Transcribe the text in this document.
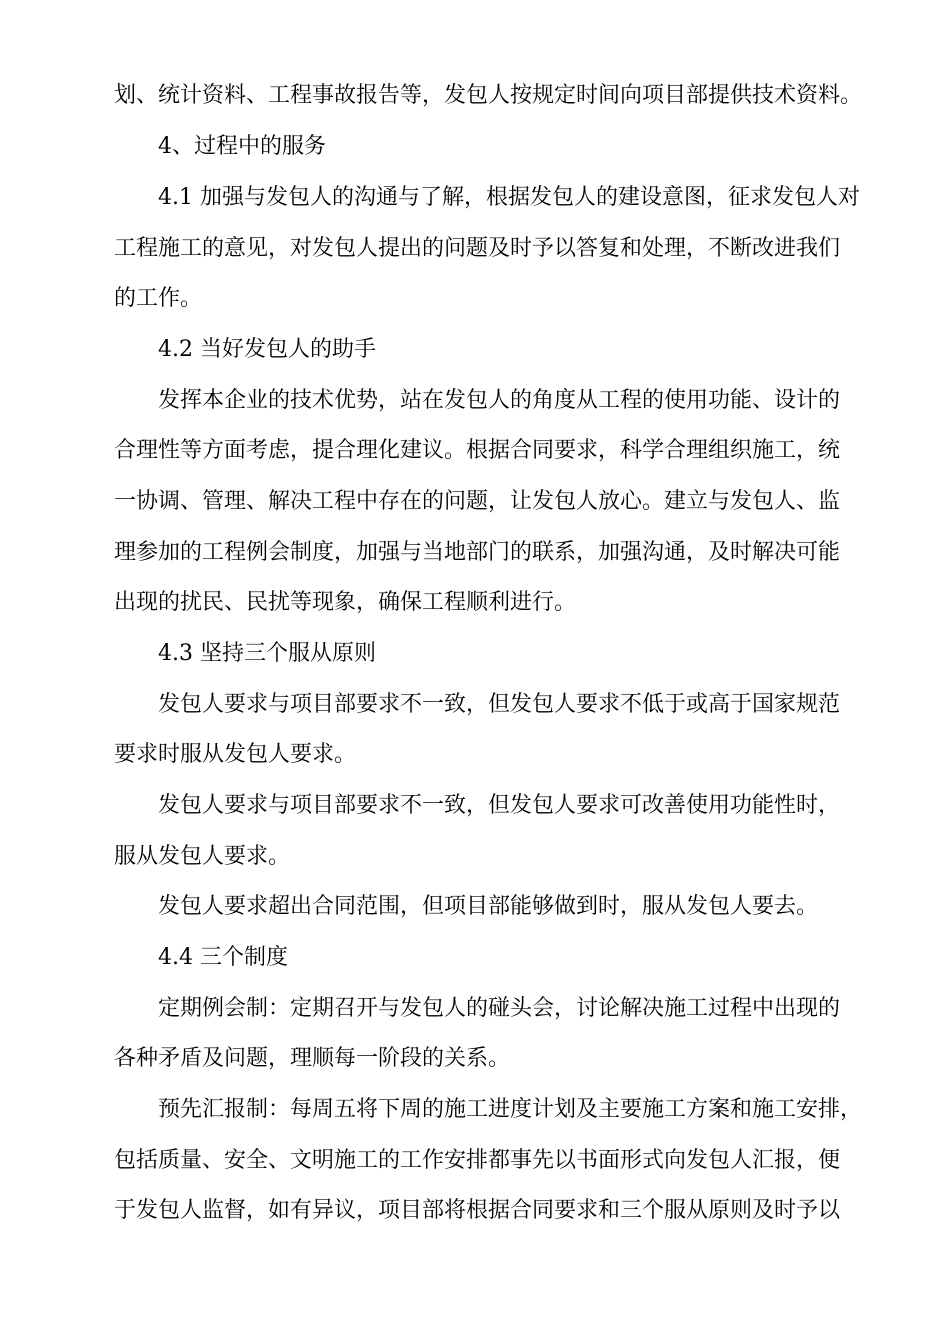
划、统计资料、工程事故报告等，发包人按规定时间向项目部提供技术资料。
4、过程中的服务
4.1 加强与发包人的沟通与了解，根据发包人的建设意图，征求发包人对
工程施工的意见，对发包人提出的问题及时予以答复和处理，不断改进我们
的工作。
4.2 当好发包人的助手
发挥本企业的技术优势，站在发包人的角度从工程的使用功能、设计的
合理性等方面考虑，提合理化建议。根据合同要求，科学合理组织施工，统
一协调、管理、解决工程中存在的问题，让发包人放心。建立与发包人、监
理参加的工程例会制度，加强与当地部门的联系，加强沟通，及时解决可能
出现的扰民、民扰等现象，确保工程顺利进行。
4.3 坚持三个服从原则
发包人要求与项目部要求不一致，但发包人要求不低于或高于国家规范
要求时服从发包人要求。
发包人要求与项目部要求不一致，但发包人要求可改善使用功能性时，
服从发包人要求。
发包人要求超出合同范围，但项目部能够做到时，服从发包人要去。
4.4 三个制度
定期例会制：定期召开与发包人的碰头会，讨论解决施工过程中出现的
各种矛盾及问题，理顺每一阶段的关系。
预先汇报制：每周五将下周的施工进度计划及主要施工方案和施工安排，
包括质量、安全、文明施工的工作安排都事先以书面形式向发包人汇报，便
于发包人监督，如有异议，项目部将根据合同要求和三个服从原则及时予以
